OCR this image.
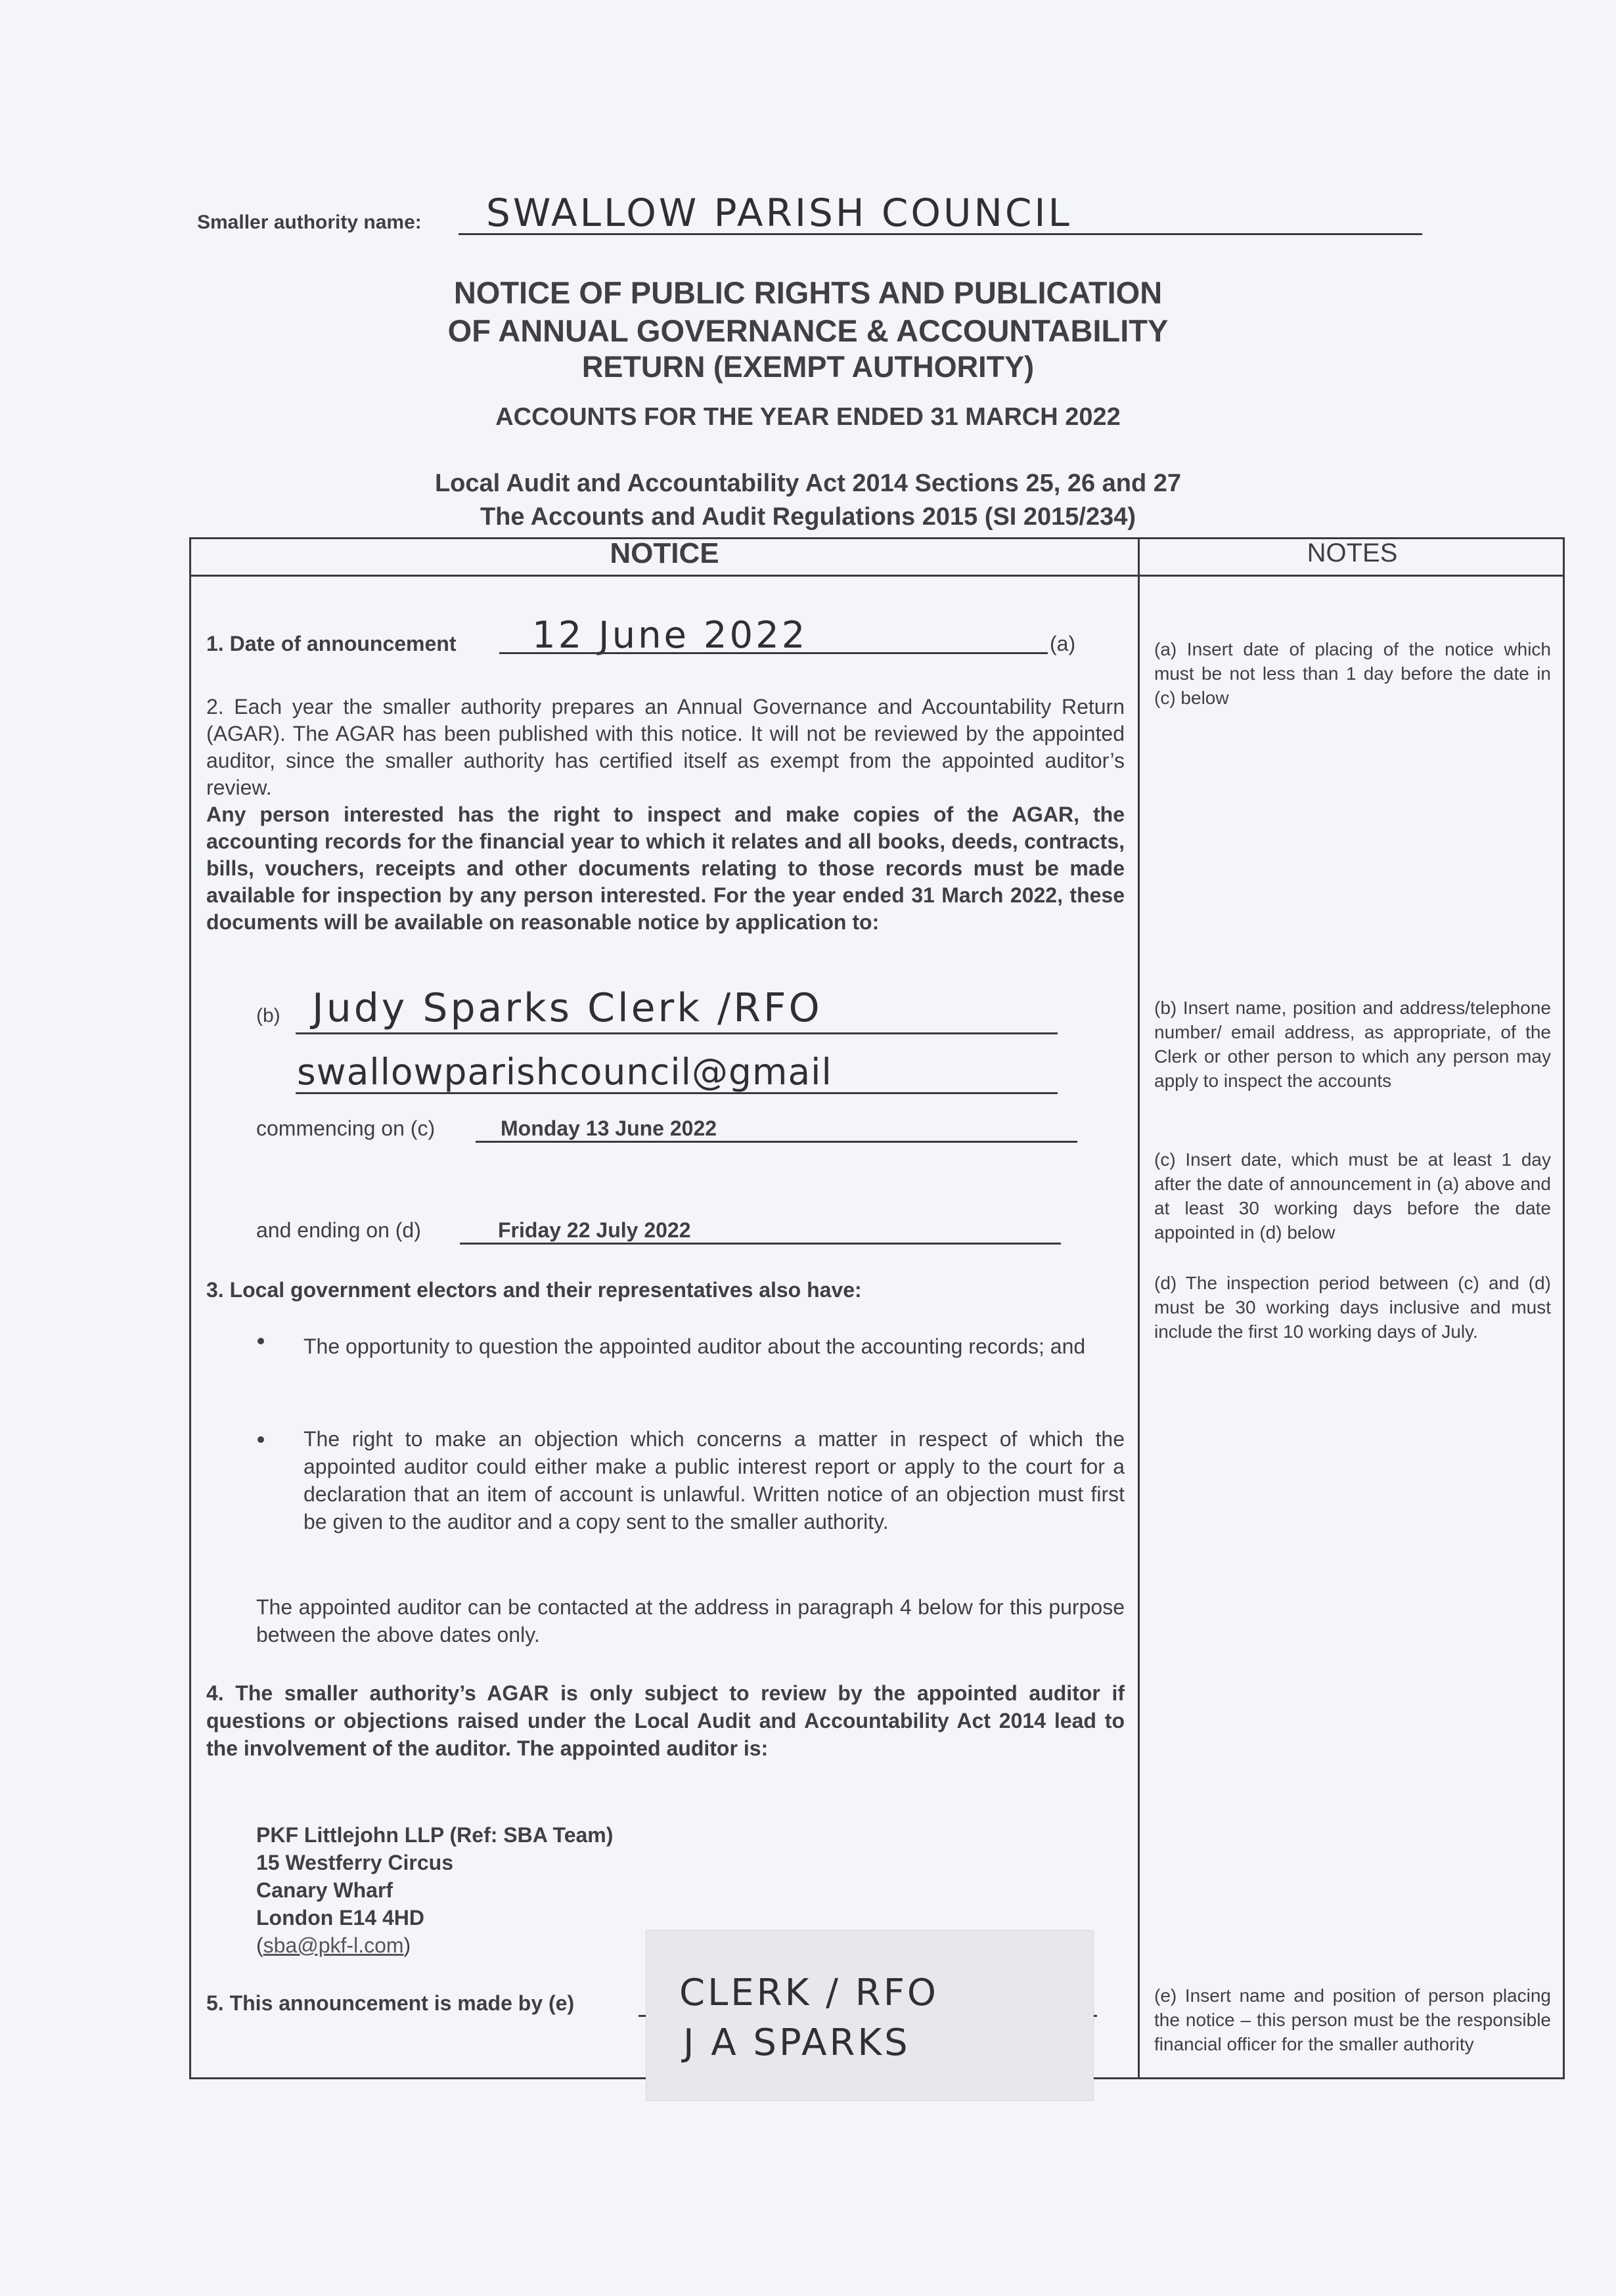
Smaller authority name: SWALLOW PARISH COUNCIL
NOTICE OF PUBLIC RIGHTS AND PUBLICATION
OF ANNUAL GOVERNANCE & ACCOUNTABILITY
RETURN (EXEMPT AUTHORITY)
ACCOUNTS FOR THE YEAR ENDED 31 MARCH 2022
Local Audit and Accountability Act 2014 Sections 25, 26 and 27
The Accounts and Audit Regulations 2015 (SI 2015/234)
NOTICE	NOTES
1. Date of announcement 12 June 2022	(a)

2. Each year the smaller authority prepares an Annual Governance and Accountability Return (AGAR). The AGAR has been published with this notice. It will not be reviewed by the appointed auditor, since the smaller authority has certified itself as exempt from the appointed auditor’s review.

Any person interested has the right to inspect and make copies of the AGAR, the accounting records for the financial year to which it relates and all books, deeds, contracts, bills, vouchers, receipts and other documents relating to those records must be made available for inspection by any person interested. For the year ended 31 March 2022, these documents will be available on reasonable notice by application to:

(b) Judy Sparks Clerk /RFO
swallowparishcouncil@gmail
commencing on (c)	Monday 13 June 2022
and ending on (d)	Friday 22 July 2022
3. Local government electors and their representatives also have:
The opportunity to question the appointed auditor about the accounting records; and
The right to make an objection which concerns a matter in respect of which the appointed auditor could either make a public interest report or apply to the court for a declaration that an item of account is unlawful. Written notice of an objection must first be given to the auditor and a copy sent to the smaller authority.
The appointed auditor can be contacted at the address in paragraph 4 below for this purpose between the above dates only.
4. The smaller authority’s AGAR is only subject to review by the appointed auditor if questions or objections raised under the Local Audit and Accountability Act 2014 lead to the involvement of the auditor. The appointed auditor is:
PKF Littlejohn LLP (Ref: SBA Team)
15 Westferry Circus
Canary Wharf
London E14 4HD
(sba@pkf-l.com)
5. This announcement is made by (e)	CLERK / RFO
J A SPARKS
(a) Insert date of placing of the notice which must be not less than 1 day before the date in (c) below
(b) Insert name, position and address/telephone number/ email address, as appropriate, of the Clerk or other person to which any person may apply to inspect the accounts
(c) Insert date, which must be at least 1 day after the date of announcement in (a) above and at least 30 working days before the date appointed in (d) below
(d) The inspection period between (c) and (d) must be 30 working days inclusive and must include the first 10 working days of July.
(e) Insert name and position of person placing the notice – this person must be the responsible financial officer for the smaller authority
